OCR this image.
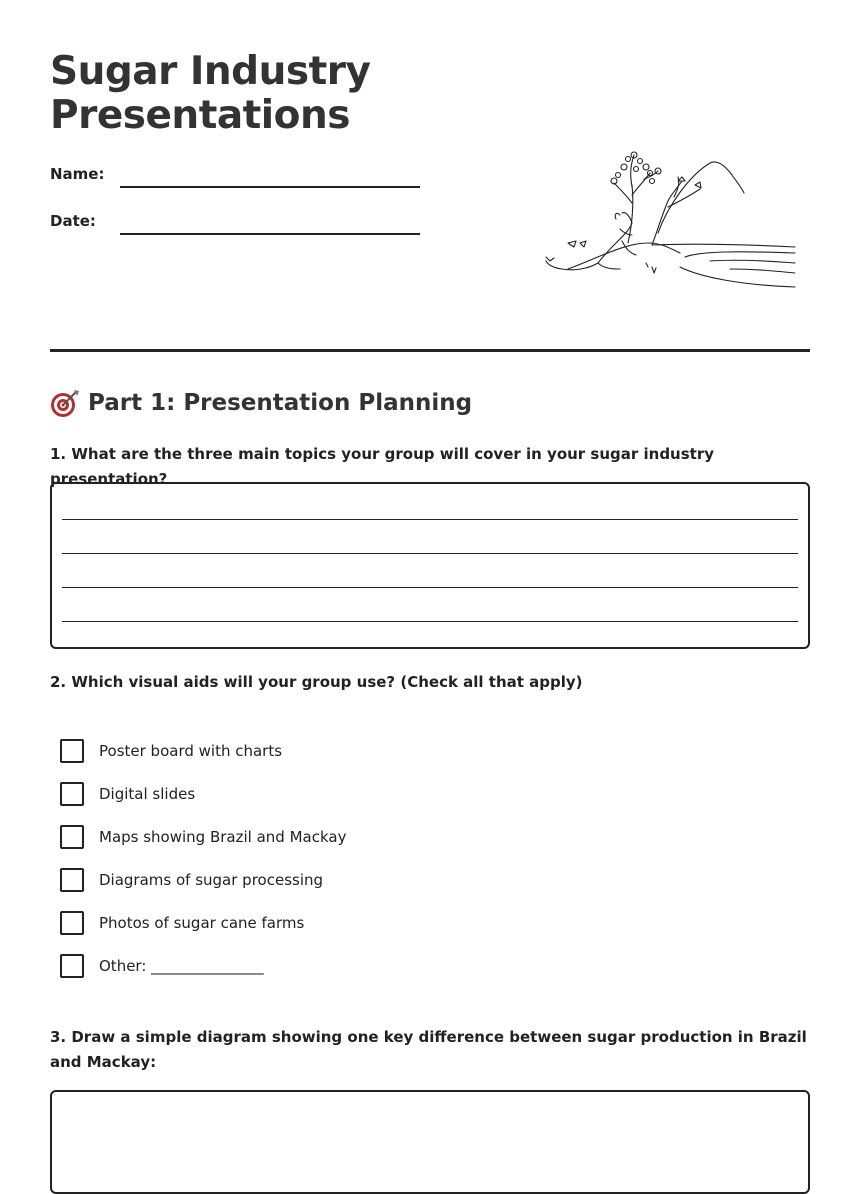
Sugar Industry
Presentations
Name:
Date:
Part 1: Presentation Planning

1. What are the three main topics your group will cover in your sugar industry presentation?

2. Which visual aids will your group use? (Check all that apply)

Poster board with charts
Digital slides
Maps showing Brazil and Mackay
Diagrams of sugar processing
Photos of sugar cane farms
Other: _______________

3. Draw a simple diagram showing one key difference between sugar production in Brazil and Mackay:
